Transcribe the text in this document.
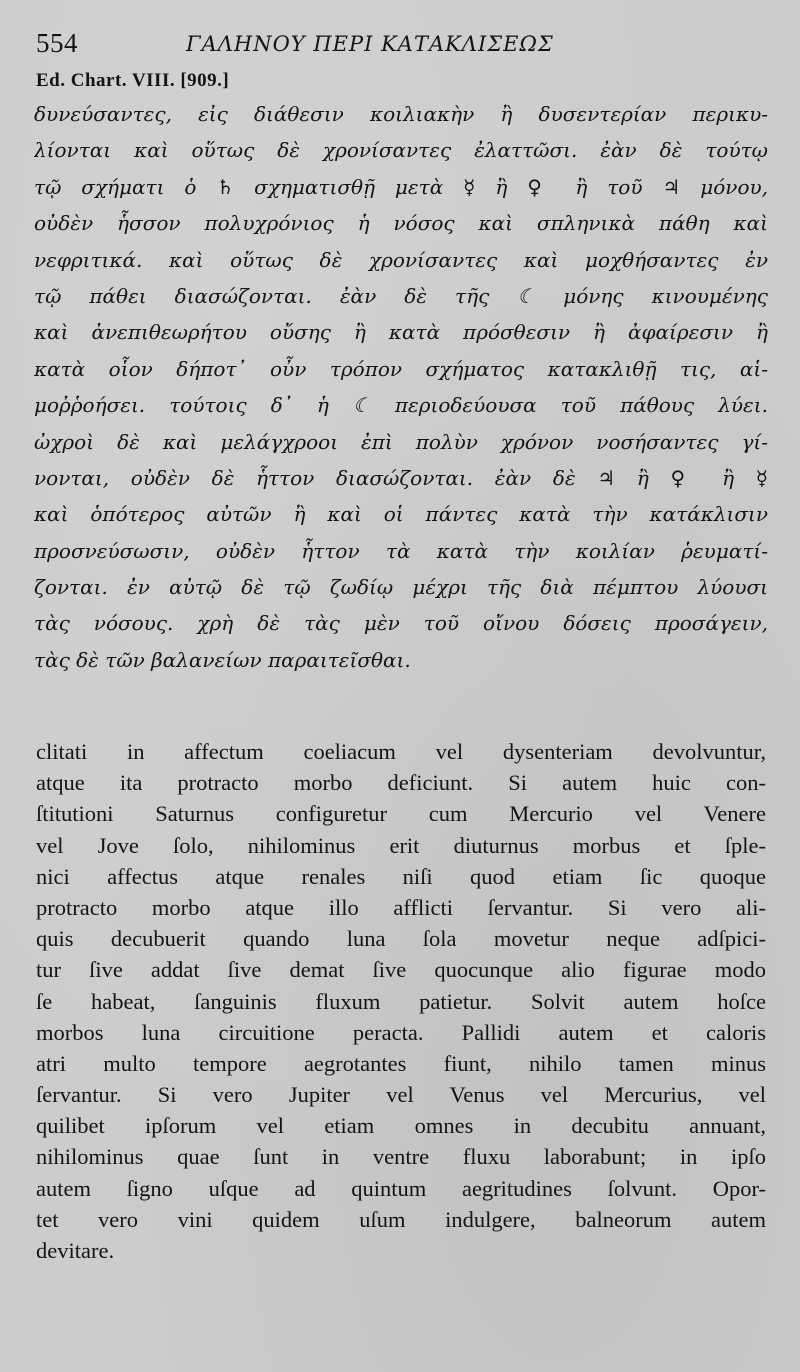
554	ΓΑΛΗΝΟΥ ΠΕΡΙ ΚΑΤΑΚΛΙΣΕΩΣ
Ed. Chart. VIII. [909.]
δυνεύσαντες, εἰς διάθεσιν κοιλιακὴν ἢ δυσεντερίαν περικυ-
λίονται καὶ οὕτως δὲ χρονίσαντες ἐλαττῶσι. ἐὰν δὲ τούτῳ
τῷ σχήματι ὁ ♄ σχηματισθῇ μετὰ ☿ ἢ ♀ ἢ τοῦ ♃ μόνου,
οὐδὲν ἧσσον πολυχρόνιος ἡ νόσος καὶ σπληνικὰ πάθη καὶ
νεφριτικά. καὶ οὕτως δὲ χρονίσαντες καὶ μοχθήσαντες ἐν
τῷ πάθει διασώζονται. ἐὰν δὲ τῆς ☾ μόνης κινουμένης
καὶ ἀνεπιθεωρήτου οὔσης ἢ κατὰ πρόσθεσιν ἢ ἀφαίρεσιν ἢ
κατὰ οἷον δήποτ᾽ οὖν τρόπον σχήματος κατακλιθῇ τις, αἱ-
μοῤῥοήσει. τούτοις δ᾽ ἡ ☾ περιοδεύουσα τοῦ πάθους λύει.
ὠχροὶ δὲ καὶ μελάγχροοι ἐπὶ πολὺν χρόνον νοσήσαντες γί-
νονται, οὐδὲν δὲ ἧττον διασώζονται. ἐὰν δὲ ♃ ἢ ♀ ἢ ☿
καὶ ὁπότερος αὐτῶν ἢ καὶ οἱ πάντες κατὰ τὴν κατάκλισιν
προσνεύσωσιν, οὐδὲν ἧττον τὰ κατὰ τὴν κοιλίαν ῥευματί-
ζονται. ἐν αὐτῷ δὲ τῷ ζωδίῳ μέχρι τῆς διὰ πέμπτου λύουσι
τὰς νόσους. χρὴ δὲ τὰς μὲν τοῦ οἴνου δόσεις προσάγειν,
τὰς δὲ τῶν βαλανείων παραιτεῖσθαι.
clitati in affectum coeliacum vel dysenteriam devolvuntur,
atque ita protracto morbo deficiunt. Si autem huic con-
ſtitutioni Saturnus configuretur cum Mercurio vel Venere
vel Jove ſolo, nihilominus erit diuturnus morbus et ſple-
nici affectus atque renales niſi quod etiam ſic quoque
protracto morbo atque illo afflicti ſervantur. Si vero ali-
quis decubuerit quando luna ſola movetur neque adſpici-
tur ſive addat ſive demat ſive quocunque alio figurae modo
ſe habeat, ſanguinis fluxum patietur. Solvit autem hoſce
morbos luna circuitione peracta. Pallidi autem et caloris
atri multo tempore aegrotantes fiunt, nihilo tamen minus
ſervantur. Si vero Jupiter vel Venus vel Mercurius, vel
quilibet ipſorum vel etiam omnes in decubitu annuant,
nihilominus quae ſunt in ventre fluxu laborabunt; in ipſo
autem ſigno uſque ad quintum aegritudines ſolvunt. Opor-
tet vero vini quidem uſum indulgere, balneorum autem
devitare.
